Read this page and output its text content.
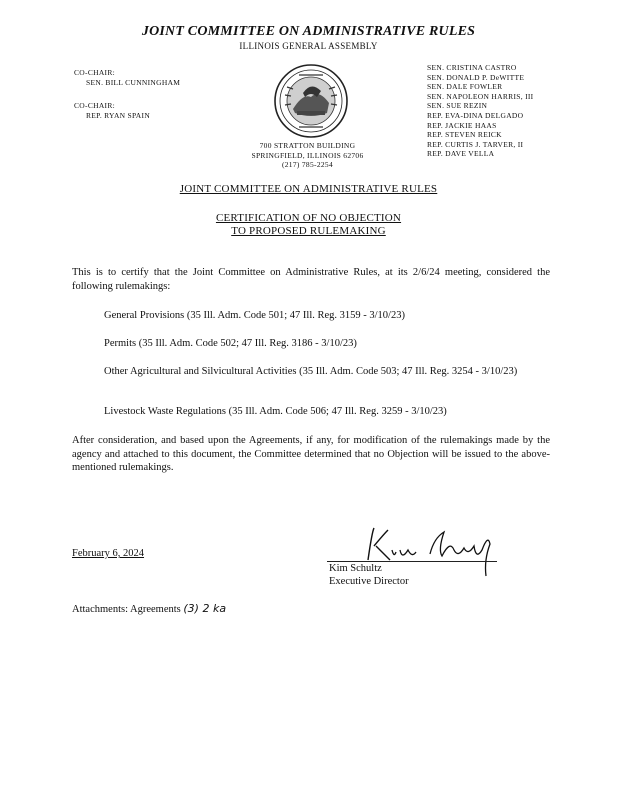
JOINT COMMITTEE ON ADMINISTRATIVE RULES
ILLINOIS GENERAL ASSEMBLY
CO-CHAIR:
SEN. BILL CUNNINGHAM
CO-CHAIR:
REP. RYAN SPAIN
700 STRATTON BUILDING
SPRINGFIELD, ILLINOIS 62706
(217) 785-2254
SEN. CRISTINA CASTRO
SEN. DONALD P. DeWITTE
SEN. DALE FOWLER
SEN. NAPOLEON HARRIS, III
SEN. SUE REZIN
REP. EVA-DINA DELGADO
REP. JACKIE HAAS
REP. STEVEN REICK
REP. CURTIS J. TARVER, II
REP. DAVE VELLA
JOINT COMMITTEE ON ADMINISTRATIVE RULES
CERTIFICATION OF NO OBJECTION
TO PROPOSED RULEMAKING
This is to certify that the Joint Committee on Administrative Rules, at its 2/6/24 meeting, considered the following rulemakings:
General Provisions (35 Ill. Adm. Code 501; 47 Ill. Reg. 3159 - 3/10/23)
Permits (35 Ill. Adm. Code 502; 47 Ill. Reg. 3186 - 3/10/23)
Other Agricultural and Silvicultural Activities (35 Ill. Adm. Code 503; 47 Ill. Reg. 3254 - 3/10/23)
Livestock Waste Regulations (35 Ill. Adm. Code 506; 47 Ill. Reg. 3259 - 3/10/23)
After consideration, and based upon the Agreements, if any, for modification of the rulemakings made by the agency and attached to this document, the Committee determined that no Objection will be issued to the above-mentioned rulemakings.
February 6, 2024
Kim Schultz
Executive Director
Attachments: Agreements (3) 2 ka
